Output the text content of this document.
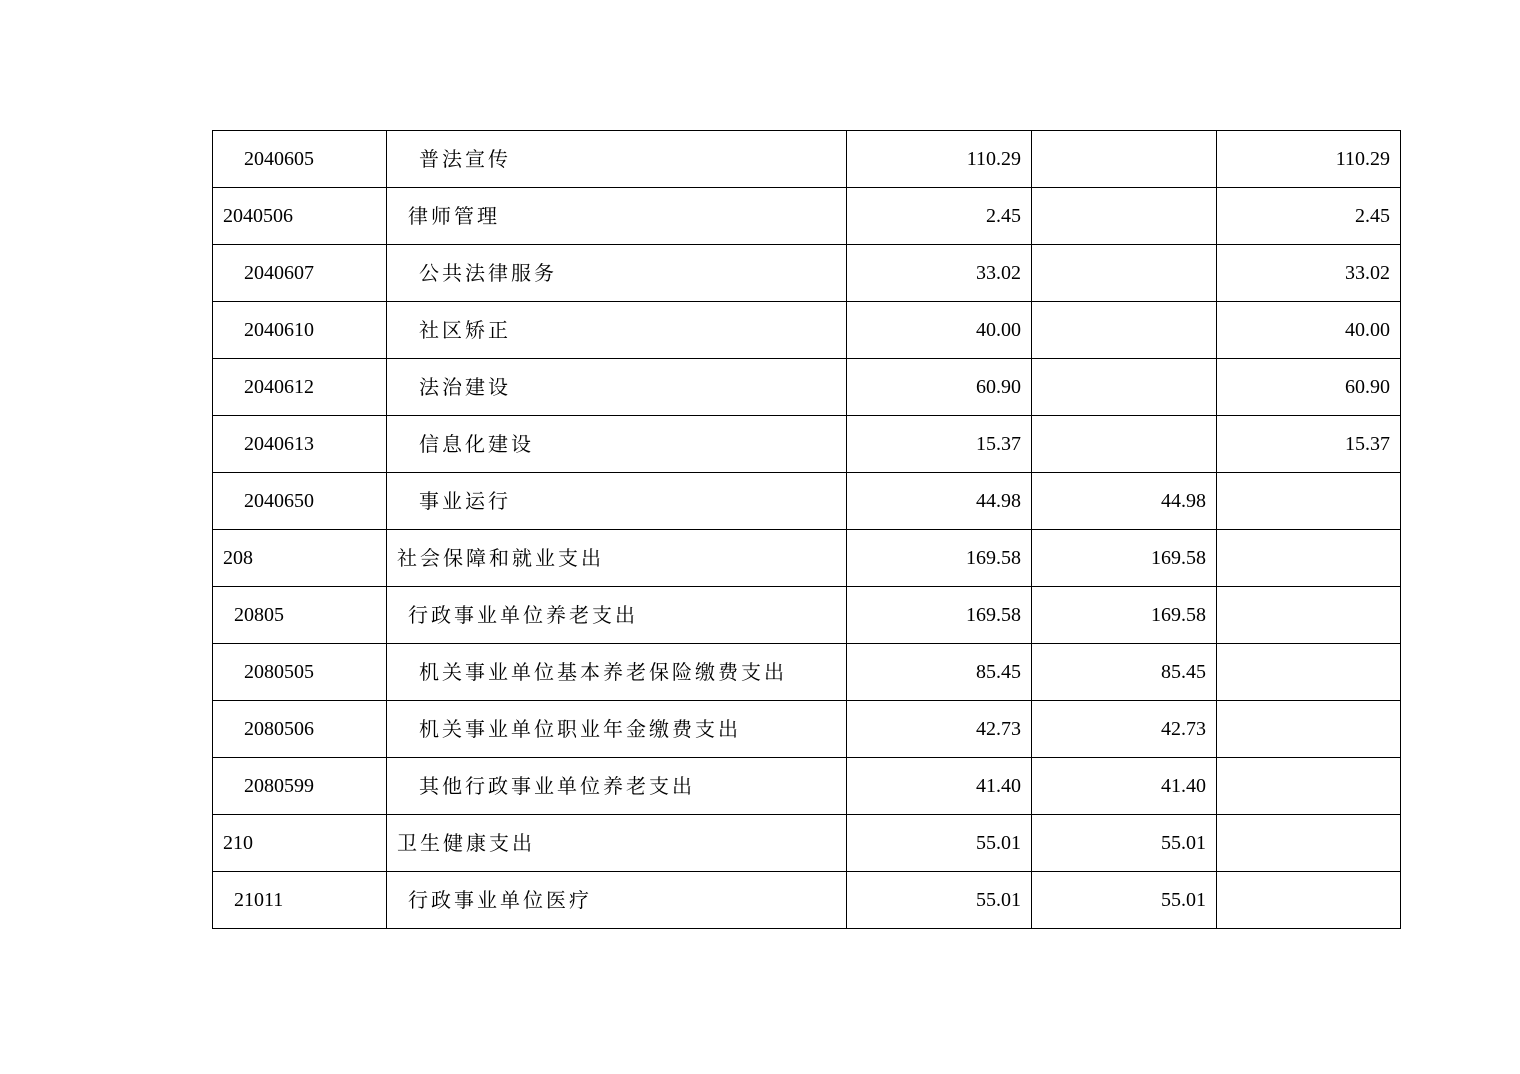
2040605	普法宣传	110.29		110.29
2040506	律师管理	2.45		2.45
2040607	公共法律服务	33.02		33.02
2040610	社区矫正	40.00		40.00
2040612	法治建设	60.90		60.90
2040613	信息化建设	15.37		15.37
2040650	事业运行	44.98	44.98	
208	社会保障和就业支出	169.58	169.58	
20805	行政事业单位养老支出	169.58	169.58	
2080505	机关事业单位基本养老保险缴费支出	85.45	85.45	
2080506	机关事业单位职业年金缴费支出	42.73	42.73	
2080599	其他行政事业单位养老支出	41.40	41.40	
210	卫生健康支出	55.01	55.01	
21011	行政事业单位医疗	55.01	55.01	
